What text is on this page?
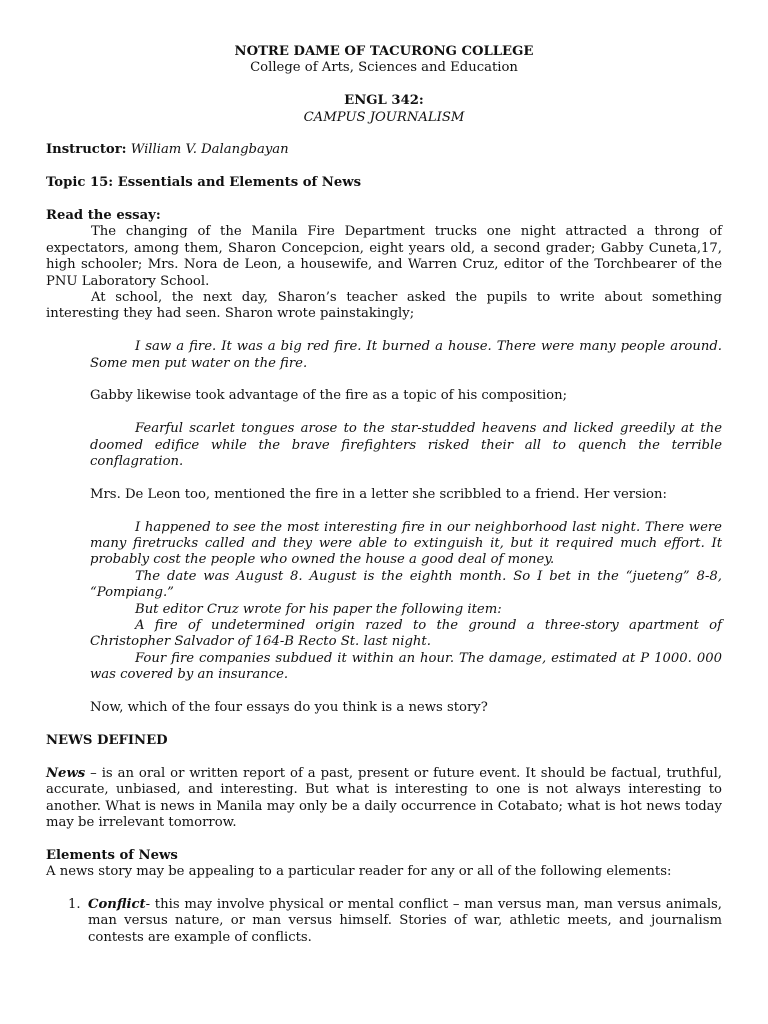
NOTRE DAME OF TACURONG COLLEGE

College of Arts, Sciences and Education

ENGL 342:

CAMPUS JOURNALISM

Instructor: William V. Dalangbayan

Topic 15: Essentials and Elements of News

Read the essay:

The changing of the Manila Fire Department trucks one night attracted a throng of expectators, among them, Sharon Concepcion, eight years old, a second grader; Gabby Cuneta,17, high schooler; Mrs. Nora de Leon, a housewife, and Warren Cruz, editor of the Torchbearer of the PNU Laboratory School.

At school, the next day, Sharon’s teacher asked the pupils to write about something interesting they had seen. Sharon wrote painstakingly;

I saw a fire. It was a big red fire. It burned a house. There were many people around. Some men put water on the fire.

Gabby likewise took advantage of the fire as a topic of his composition;

Fearful scarlet tongues arose to the star-studded heavens and licked greedily at the doomed edifice while the brave firefighters risked their all to quench the terrible conflagration.

Mrs. De Leon too, mentioned the fire in a letter she scribbled to a friend. Her version:

I happened to see the most interesting fire in our neighborhood last night. There were many firetrucks called and they were able to extinguish it, but it required much effort. It probably cost the people who owned the house a good deal of money.

The date was August 8. August is the eighth month. So I bet in the “jueteng” 8-8, “Pompiang.”

But editor Cruz wrote for his paper the following item:

A fire of undetermined origin razed to the ground a three-story apartment of Christopher Salvador of 164-B Recto St. last night.

Four fire companies subdued it within an hour. The damage, estimated at P 1000. 000 was covered by an insurance.

Now, which of the four essays do you think is a news story?

NEWS DEFINED

News – is an oral or written report of a past, present or future event. It should be factual, truthful, accurate, unbiased, and interesting. But what is interesting to one is not always interesting to another. What is news in Manila may only be a daily occurrence in Cotabato; what is hot news today may be irrelevant tomorrow.

Elements of News

A news story may be appealing to a particular reader for any or all of the following elements:

1. Conflict- this may involve physical or mental conflict – man versus man, man versus animals, man versus nature, or man versus himself. Stories of war, athletic meets, and journalism contests are example of conflicts.
